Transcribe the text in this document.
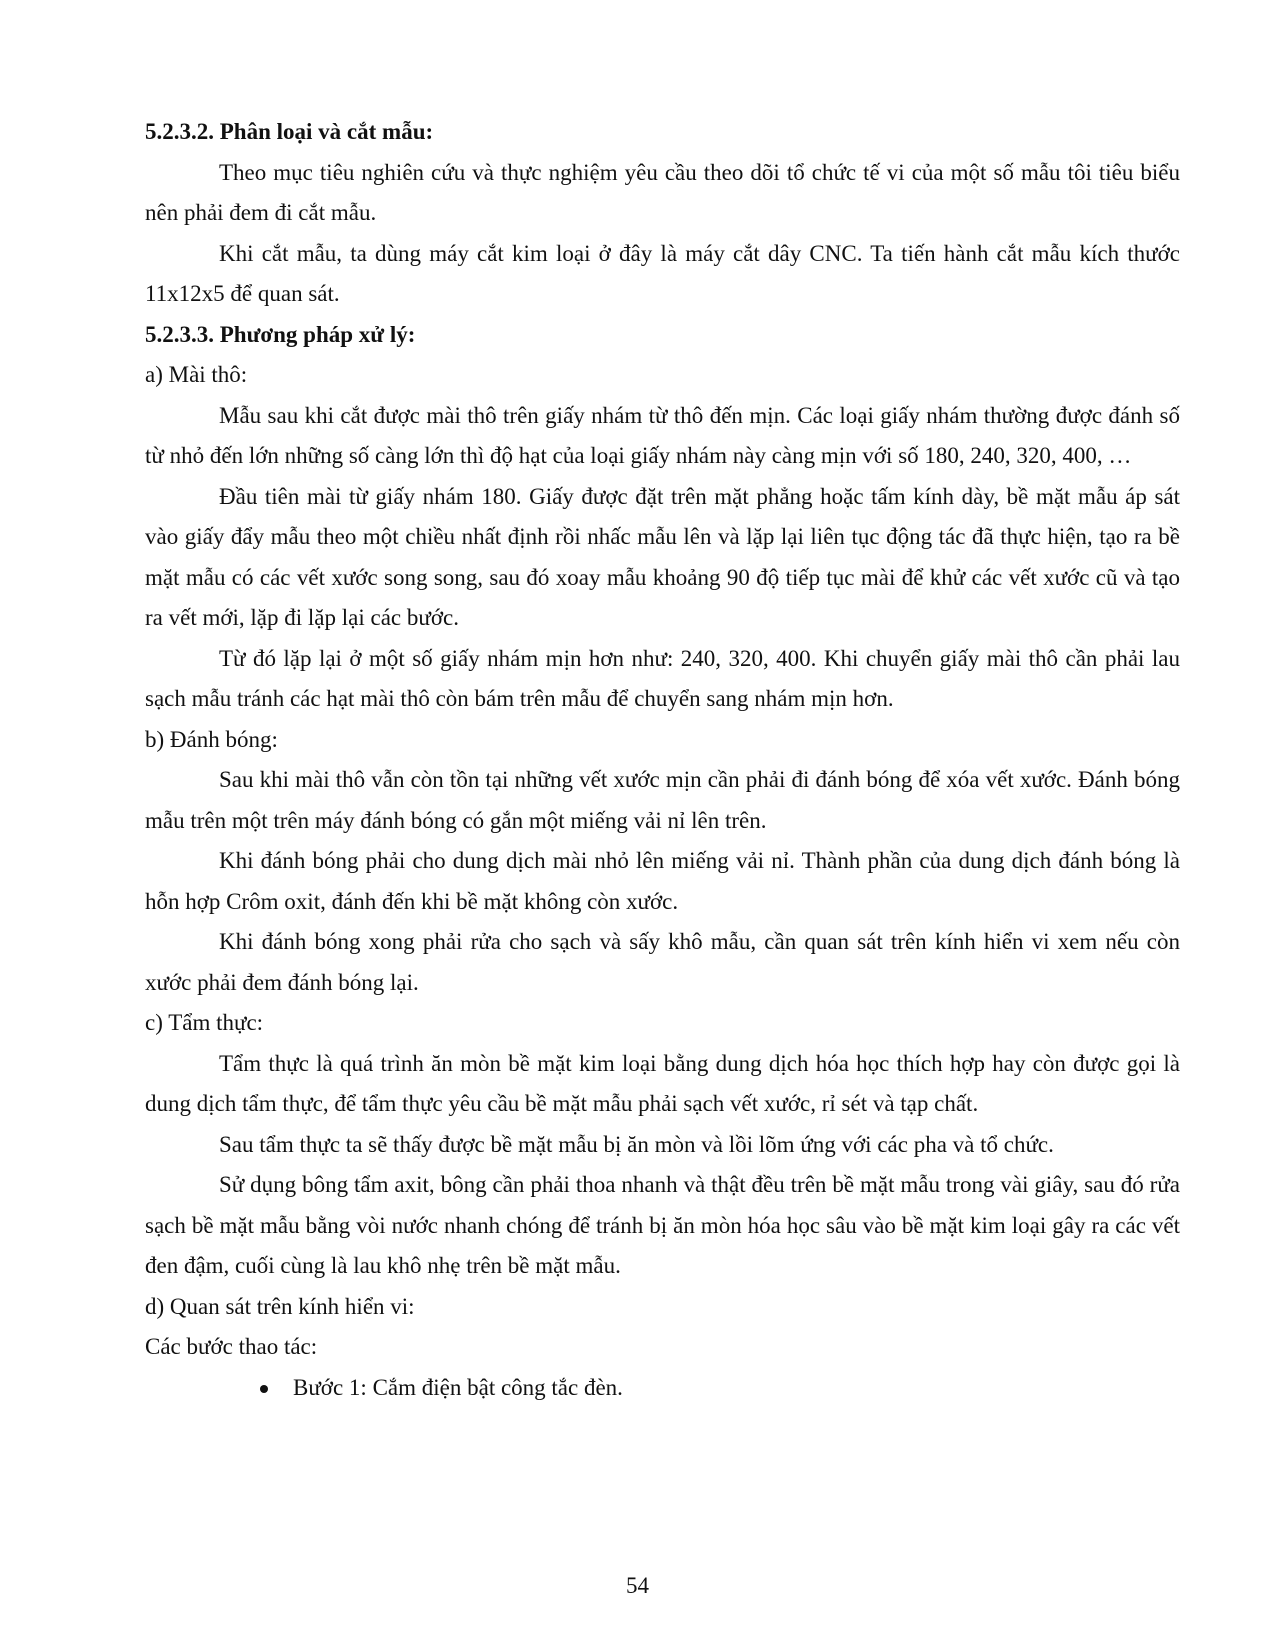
5.2.3.2. Phân loại và cắt mẫu:

Theo mục tiêu nghiên cứu và thực nghiệm yêu cầu theo dõi tổ chức tế vi của một số mẫu tôi tiêu biểu nên phải đem đi cắt mẫu.

Khi cắt mẫu, ta dùng máy cắt kim loại ở đây là máy cắt dây CNC. Ta tiến hành cắt mẫu kích thước 11x12x5 để quan sát.

5.2.3.3. Phương pháp xử lý:

a) Mài thô:

Mẫu sau khi cắt được mài thô trên giấy nhám từ thô đến mịn. Các loại giấy nhám thường được đánh số từ nhỏ đến lớn những số càng lớn thì độ hạt của loại giấy nhám này càng mịn với số 180, 240, 320, 400, …

Đầu tiên mài từ giấy nhám 180. Giấy được đặt trên mặt phẳng hoặc tấm kính dày, bề mặt mẫu áp sát vào giấy đẩy mẫu theo một chiều nhất định rồi nhấc mẫu lên và lặp lại liên tục động tác đã thực hiện, tạo ra bề mặt mẫu có các vết xước song song, sau đó xoay mẫu khoảng 90 độ tiếp tục mài để khử các vết xước cũ và tạo ra vết mới, lặp đi lặp lại các bước.

Từ đó lặp lại ở một số giấy nhám mịn hơn như: 240, 320, 400. Khi chuyển giấy mài thô cần phải lau sạch mẫu tránh các hạt mài thô còn bám trên mẫu để chuyển sang nhám mịn hơn.

b) Đánh bóng:

Sau khi mài thô vẫn còn tồn tại những vết xước mịn cần phải đi đánh bóng để xóa vết xước. Đánh bóng mẫu trên một trên máy đánh bóng có gắn một miếng vải nỉ lên trên.

Khi đánh bóng phải cho dung dịch mài nhỏ lên miếng vải nỉ. Thành phần của dung dịch đánh bóng là hỗn hợp Crôm oxit, đánh đến khi bề mặt không còn xước.

Khi đánh bóng xong phải rửa cho sạch và sấy khô mẫu, cần quan sát trên kính hiển vi xem nếu còn xước phải đem đánh bóng lại.

c) Tẩm thực:

Tẩm thực là quá trình ăn mòn bề mặt kim loại bằng dung dịch hóa học thích hợp hay còn được gọi là dung dịch tẩm thực, để tẩm thực yêu cầu bề mặt mẫu phải sạch vết xước, rỉ sét và tạp chất.

Sau tẩm thực ta sẽ thấy được bề mặt mẫu bị ăn mòn và lồi lõm ứng với các pha và tổ chức.

Sử dụng bông tẩm axit, bông cần phải thoa nhanh và thật đều trên bề mặt mẫu trong vài giây, sau đó rửa sạch bề mặt mẫu bằng vòi nước nhanh chóng để tránh bị ăn mòn hóa học sâu vào bề mặt kim loại gây ra các vết đen đậm, cuối cùng là lau khô nhẹ trên bề mặt mẫu.

d) Quan sát trên kính hiển vi:

Các bước thao tác:

Bước 1: Cắm điện bật công tắc đèn.
54
